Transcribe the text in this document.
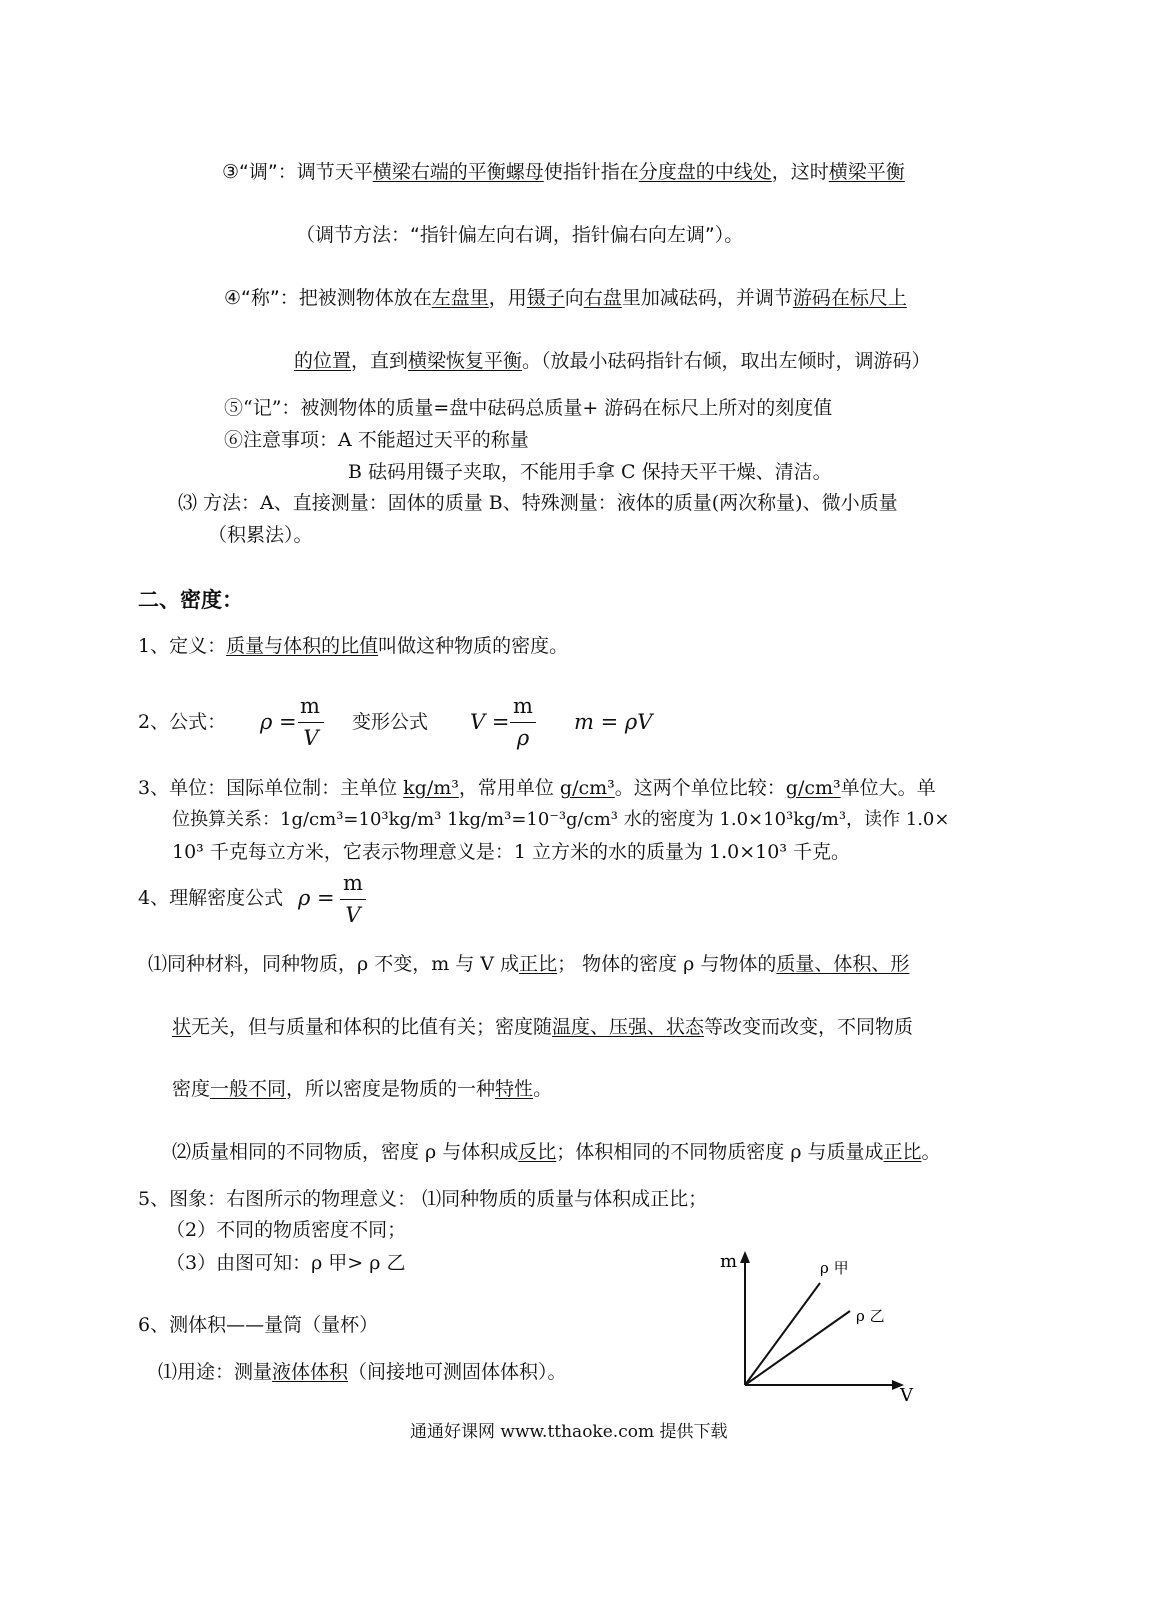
③“调”：调节天平横梁右端的平衡螺母使指针指在分度盘的中线处，这时横梁平衡
（调节方法：“指针偏左向右调，指针偏右向左调”）。
④“称”：把被测物体放在左盘里，用镊子向右盘里加减砝码，并调节游码在标尺上
的位置，直到横梁恢复平衡。（放最小砝码指针右倾，取出左倾时，调游码）
⑤“记”：被测物体的质量=盘中砝码总质量+ 游码在标尺上所对的刻度值
⑥注意事项：A 不能超过天平的称量
B 砝码用镊子夹取，不能用手拿 C 保持天平干燥、清洁。
⑶ 方法：A、直接测量：固体的质量 B、特殊测量：液体的质量(两次称量)、微小质量
（积累法）。
二、密度：
1、定义：质量与体积的比值叫做这种物质的密度。
2、公式： ρ =
m
V
变形公式 V =
m
ρ
m = ρV
3、单位：国际单位制：主单位 kg/m³，常用单位 g/cm³。这两个单位比较：g/cm³单位大。单
位换算关系：1g/cm³=10³kg/m³ 1kg/m³=10⁻³g/cm³ 水的密度为 1.0×10³kg/m³，读作 1.0×
10³ 千克每立方米，它表示物理意义是：1 立方米的水的质量为 1.0×10³ 千克。
4、理解密度公式 ρ =
m
V
⑴同种材料，同种物质，ρ 不变，m 与 V 成正比； 物体的密度 ρ 与物体的质量、体积、形
状无关，但与质量和体积的比值有关；密度随温度、压强、状态等改变而改变，不同物质
密度一般不同，所以密度是物质的一种特性。
⑵质量相同的不同物质，密度 ρ 与体积成反比；体积相同的不同物质密度 ρ 与质量成正比。
5、图象：右图所示的物理意义： ⑴同种物质的质量与体积成正比；
（2）不同的物质密度不同；
（3）由图可知：ρ 甲> ρ 乙
6、测体积——量筒（量杯）
⑴用途：测量液体体积（间接地可测固体体积）。
m
V
ρ 甲
ρ 乙
通通好课网 www.tthaoke.com 提供下载
